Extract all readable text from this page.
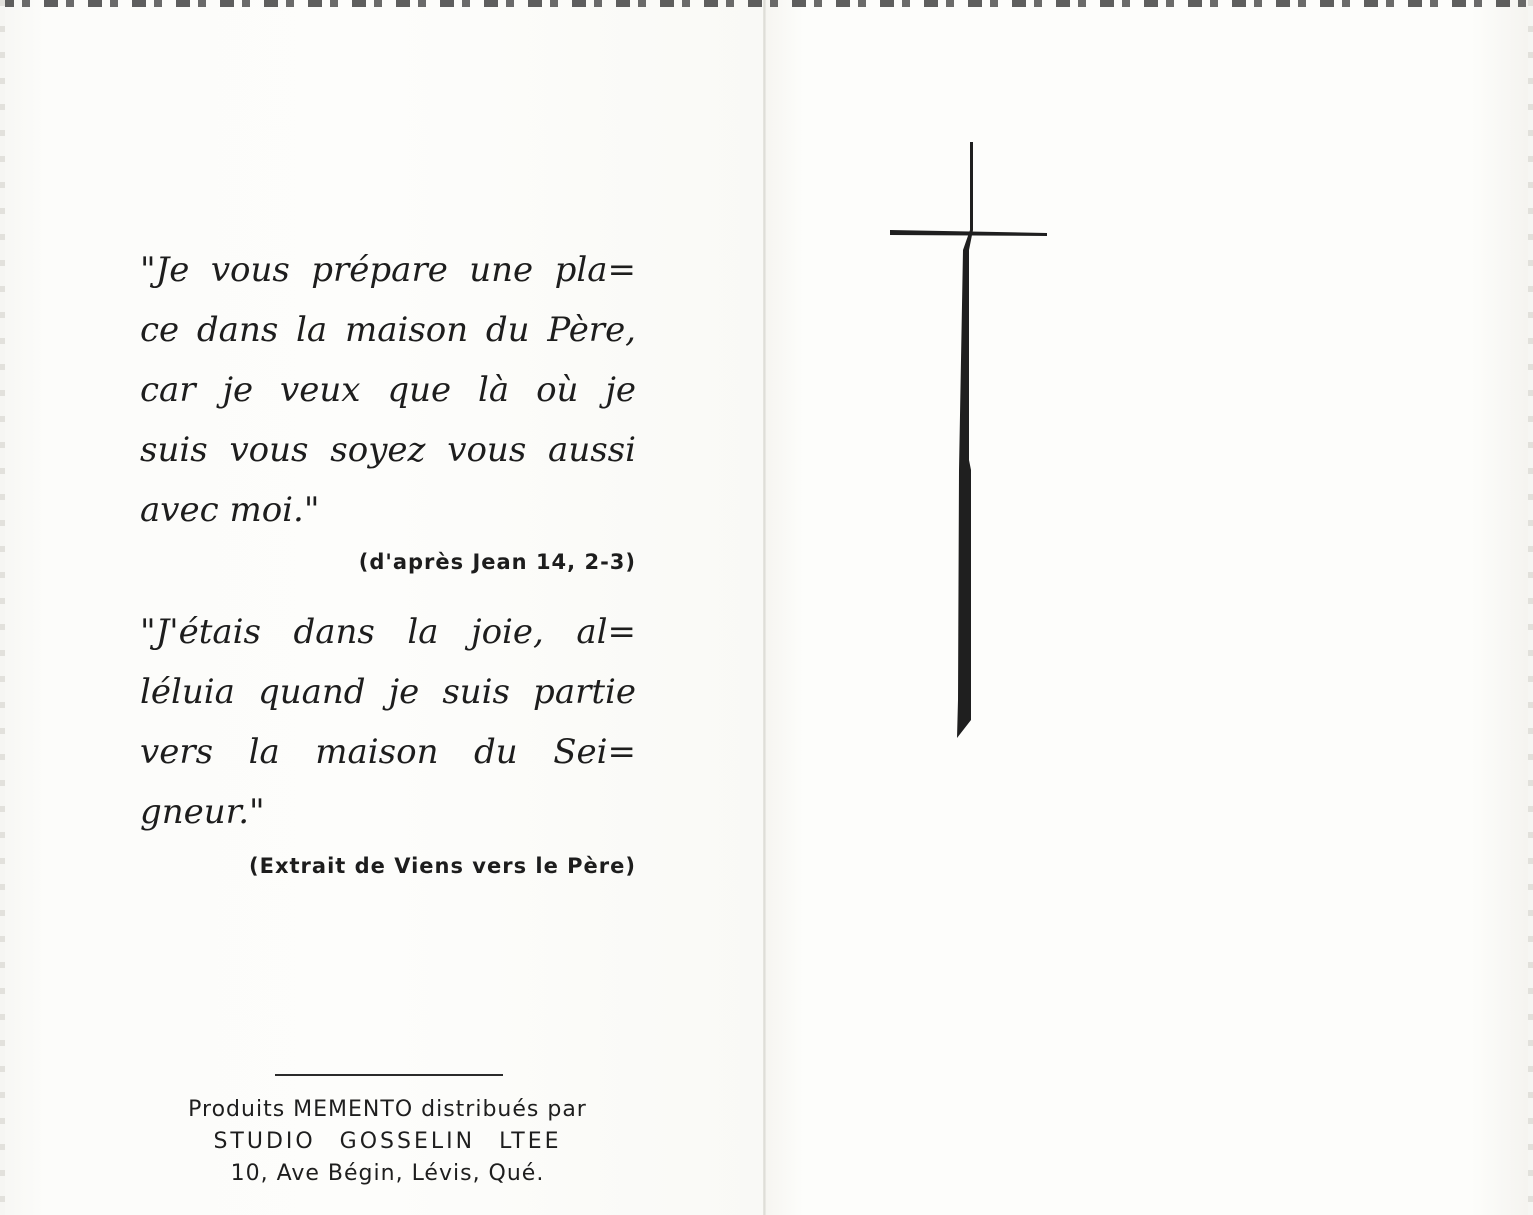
"Je vous prépare une pla=
ce dans la maison du Père,
car je veux que là où je
suis vous soyez vous aussi
avec moi."

(d'après Jean 14, 2-3)

"J'étais dans la joie, al=
léluia quand je suis partie
vers la maison du Sei=
gneur."

(Extrait de Viens vers le Père)

Produits MEMENTO distribués par
STUDIO GOSSELIN LTEE
10, Ave Bégin, Lévis, Qué.
